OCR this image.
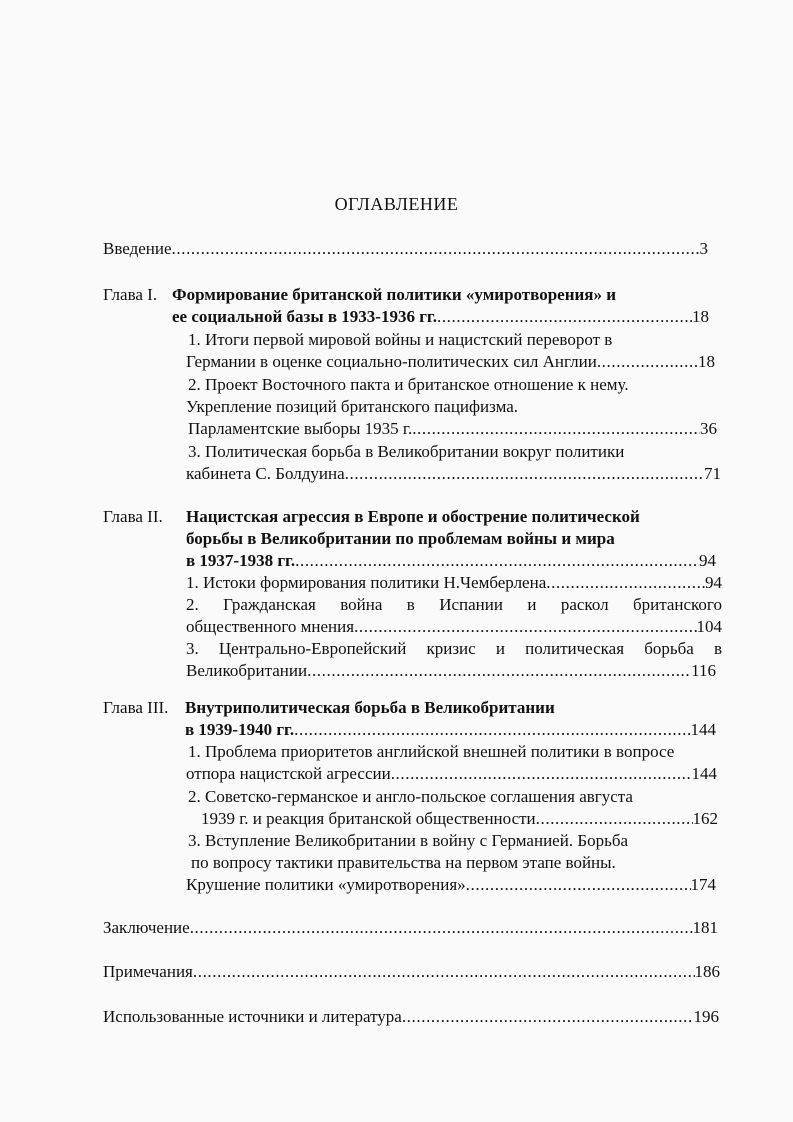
ОГЛАВЛЕНИЕ
Введение .....	3
Глава I. Формирование британской политики «умиротворения» и
ее социальной базы в 1933-1936 гг. .....	18
1. Итоги первой мировой войны и нацистский переворот в
Германии в оценке социально-политических сил Англии .....	18
2. Проект Восточного пакта и британское отношение к нему.
Укрепление позиций британского пацифизма.
Парламентские выборы 1935 г. .....	36
3. Политическая борьба в Великобритании вокруг политики
кабинета С. Болдуина .....	71
Глава II. Нацистская агрессия в Европе и обострение политической
борьбы в Великобритании по проблемам войны и мира
в 1937-1938 гг. .....	94
1. Истоки формирования политики Н.Чемберлена .....	94
2. Гражданская война в Испании и раскол британского
общественного мнения .....	104
3. Центрально-Европейский кризис и политическая борьба в
Великобритании .....	116
Глава III. Внутриполитическая борьба в Великобритании
в 1939-1940 гг. .....	144
1. Проблема приоритетов английской внешней политики в вопросе
отпора нацистской агрессии .....	144
2. Советско-германское и англо-польское соглашения августа
1939 г. и реакция британской общественности .....	162
3. Вступление Великобритании в войну с Германией. Борьба
по вопросу тактики правительства на первом этапе войны.
Крушение политики «умиротворения» .....	174
Заключение .....	181
Примечания .....	186
Использованные источники и литература .....	196
